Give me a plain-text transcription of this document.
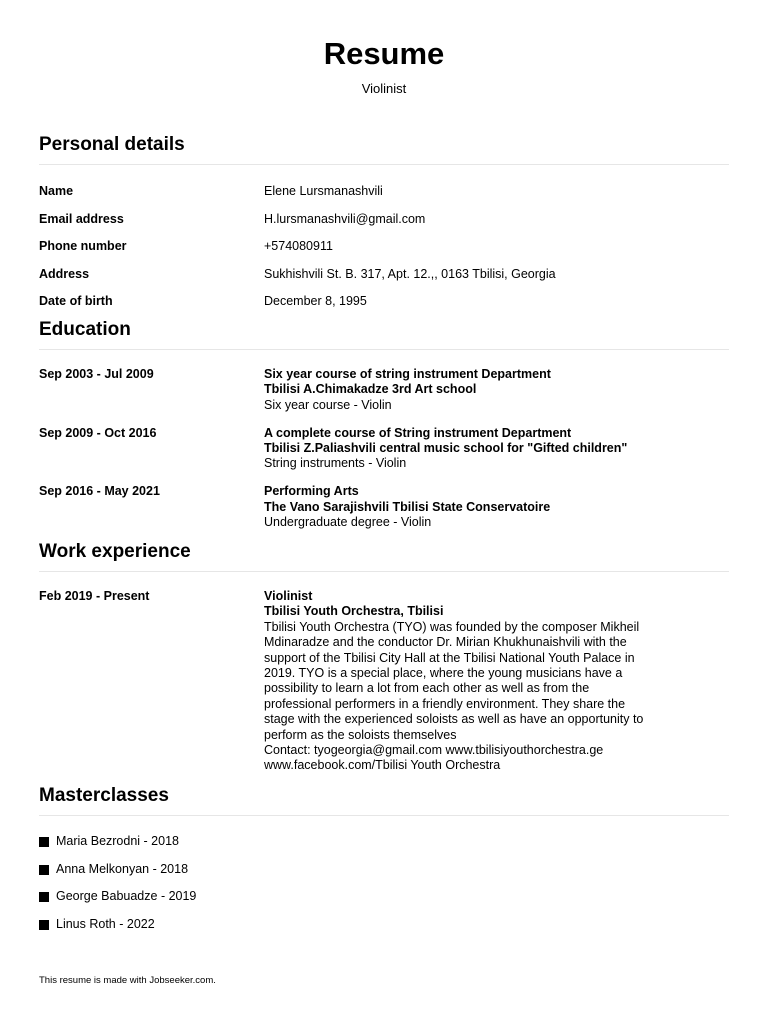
Resume
Violinist
Personal details
Name	Elene Lursmanashvili
Email address	H.lursmanashvili@gmail.com
Phone number	+574080911
Address	Sukhishvili St. B. 317, Apt. 12.,, 0163 Tbilisi, Georgia
Date of birth	December 8, 1995
Education
Sep 2003 - Jul 2009	Six year course of string instrument Department
Tbilisi A.Chimakadze 3rd Art school
Six year course - Violin
Sep 2009 - Oct 2016	A complete course of String instrument Department
Tbilisi Z.Paliashvili central music school for "Gifted children"
String instruments - Violin
Sep 2016 - May 2021	Performing Arts
The Vano Sarajishvili Tbilisi State Conservatoire
Undergraduate degree - Violin
Work experience
Feb 2019 - Present	Violinist
Tbilisi Youth Orchestra, Tbilisi
Tbilisi Youth Orchestra (TYO) was founded by the composer Mikheil
Mdinaradze and the conductor Dr. Mirian Khukhunaishvili with the
support of the Tbilisi City Hall at the Tbilisi National Youth Palace in
2019. TYO is a special place, where the young musicians have a
possibility to learn a lot from each other as well as from the
professional performers in a friendly environment. They share the
stage with the experienced soloists as well as have an opportunity to
perform as the soloists themselves
Contact: tyogeorgia@gmail.com www.tbilisiyouthorchestra.ge
www.facebook.com/Tbilisi Youth Orchestra
Masterclasses
Maria Bezrodni - 2018
Anna Melkonyan - 2018
George Babuadze - 2019
Linus Roth - 2022
This resume is made with Jobseeker.com.
